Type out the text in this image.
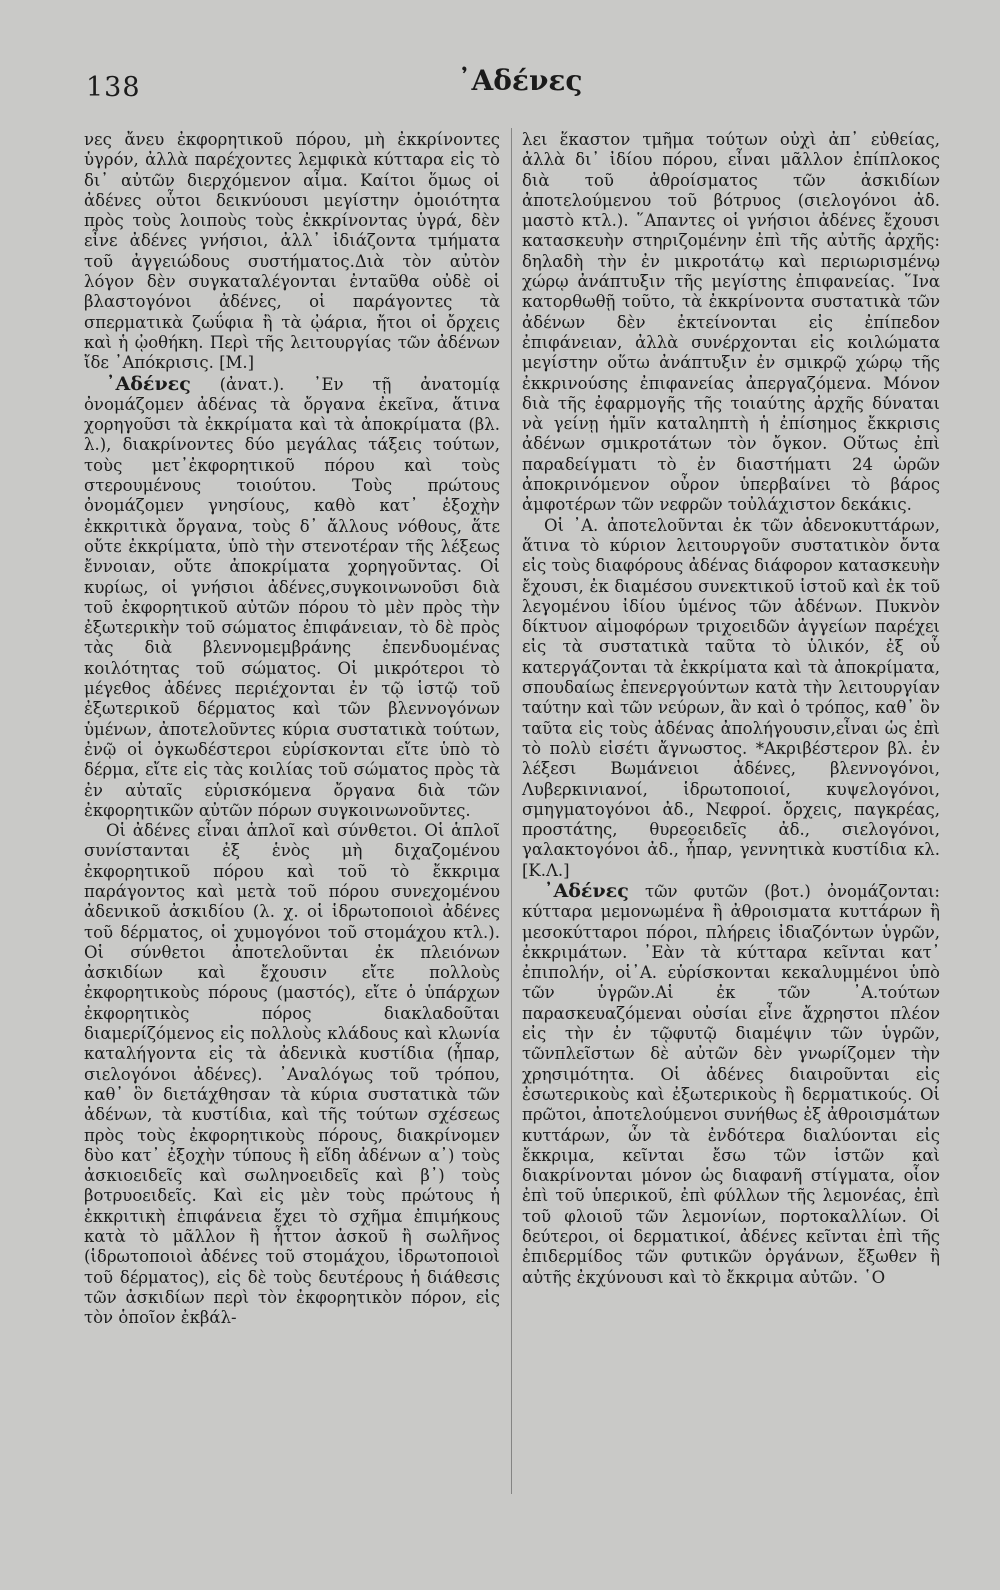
138	᾿Αδένες

νες ἄνευ ἐκφορητικοῦ πόρου, μὴ ἐκκρίνοντες ὑγρόν, ἀλλὰ παρέχοντες λεμφικὰ κύτταρα εἰς τὸ δι᾿ αὐτῶν διερχόμενον αἷμα. Καίτοι ὅμως οἱ ἀδένες οὗτοι δεικνύουσι μεγίστην ὁμοιότητα πρὸς τοὺς λοιποὺς τοὺς ἐκκρίνοντας ὑγρά, δὲν εἶνε ἀδένες γνήσιοι, ἀλλ᾿ ἰδιάζοντα τμήματα τοῦ ἀγγειώδους συστήματος.Διὰ τὸν αὐτὸν λόγον δὲν συγκαταλέγονται ἐνταῦθα οὐδὲ οἱ βλαστογόνοι ἀδένες, οἱ παράγοντες τὰ σπερματικὰ ζωΰφια ἢ τὰ ᾠάρια, ἤτοι οἱ ὄρχεις καὶ ἡ ᾠοθήκη. Περὶ τῆς λειτουργίας τῶν ἀδένων ἴδε ᾿Απόκρισις. [Μ.]

᾿Αδένες (ἀνατ.). ᾿Εν τῇ ἀνατομίᾳ ὀνομάζομεν ἀδένας τὰ ὄργανα ἐκεῖνα, ἅτινα χορηγοῦσι τὰ ἐκκρίματα καὶ τὰ ἀποκρίματα (βλ. λ.), διακρίνοντες δύο μεγάλας τάξεις τούτων, τοὺς μετ᾿ἐκφορητικοῦ πόρου καὶ τοὺς στερουμένους τοιούτου. Τοὺς πρώτους ὀνομάζομεν γνησίους, καθὸ κατ᾿ ἐξοχὴν ἐκκριτικὰ ὄργανα, τοὺς δ᾿ ἄλλους νόθους, ἅτε οὔτε ἐκκρίματα, ὑπὸ τὴν στενοτέραν τῆς λέξεως ἔννοιαν, οὔτε ἀποκρίματα χορηγοῦντας. Οἱ κυρίως, οἱ γνήσιοι ἀδένες,συγκοινωνοῦσι διὰ τοῦ ἐκφορητικοῦ αὐτῶν πόρου τὸ μὲν πρὸς τὴν ἐξωτερικὴν τοῦ σώματος ἐπιφάνειαν, τὸ δὲ πρὸς τὰς διὰ βλεννομεμβράνης ἐπενδυομένας κοιλότητας τοῦ σώματος. Οἱ μικρότεροι τὸ μέγεθος ἀδένες περιέχονται ἐν τῷ ἱστῷ τοῦ ἐξωτερικοῦ δέρματος καὶ τῶν βλεννογόνων ὑμένων, ἀποτελοῦντες κύρια συστατικὰ τούτων, ἐνῷ οἱ ὀγκωδέστεροι εὑρίσκονται εἴτε ὑπὸ τὸ δέρμα, εἴτε εἰς τὰς κοιλίας τοῦ σώματος πρὸς τὰ ἐν αὐταῖς εὑρισκόμενα ὄργανα διὰ τῶν ἐκφορητικῶν αὐτῶν πόρων συγκοινωνοῦντες.

Οἱ ἀδένες εἶναι ἁπλοῖ καὶ σύνθετοι. Οἱ ἁπλοῖ συνίστανται ἐξ ἑνὸς μὴ διχαζομένου ἐκφορητικοῦ πόρου καὶ τοῦ τὸ ἔκκριμα παράγοντος καὶ μετὰ τοῦ πόρου συνεχομένου ἀδενικοῦ ἀσκιδίου (λ. χ. οἱ ἱδρωτοποιοὶ ἀδένες τοῦ δέρματος, οἱ χυμογόνοι τοῦ στομάχου κτλ.). Οἱ σύνθετοι ἀποτελοῦνται ἐκ πλειόνων ἀσκιδίων καὶ ἔχουσιν εἴτε πολλοὺς ἐκφορητικοὺς πόρους (μαστός), εἴτε ὁ ὑπάρχων ἐκφορητικὸς πόρος διακλαδοῦται διαμερίζόμενος εἰς πολλοὺς κλάδους καὶ κλωνία καταλήγοντα εἰς τὰ ἀδενικὰ κυστίδια (ἧπαρ, σιελογόνοι ἀδένες). ᾿Αναλόγως τοῦ τρόπου, καθ᾿ ὃν διετάχθησαν τὰ κύρια συστατικὰ τῶν ἀδένων, τὰ κυστίδια, καὶ τῆς τούτων σχέσεως πρὸς τοὺς ἐκφορητικοὺς πόρους, διακρίνομεν δὺο κατ᾿ ἐξοχὴν τύπους ἢ εἴδη ἀδένων α᾿) τοὺς ἀσκιοειδεῖς καὶ σωληνοειδεῖς καὶ β᾿) τοὺς βοτρυοειδεῖς. Καὶ εἰς μὲν τοὺς πρώτους ἡ ἐκκριτικὴ ἐπιφάνεια ἔχει τὸ σχῆμα ἐπιμήκους κατὰ τὸ μᾶλλον ἢ ἧττον ἀσκοῦ ἢ σωλῆνος (ἱδρωτοποιοὶ ἀδένες τοῦ στομάχου, ἱδρωτοποιοὶ τοῦ δέρματος), εἰς δὲ τοὺς δευτέρους ἡ διάθεσις τῶν ἀσκιδίων περὶ τὸν ἐκφορητικὸν πόρον, εἰς τὸν ὁποῖον ἐκβάλ-

λει ἕκαστον τμῆμα τούτων οὐχὶ ἀπ᾿ εὐθείας, ἀλλὰ δι᾿ ἰδίου πόρου, εἶναι μᾶλλον ἐπίπλοκος διὰ τοῦ ἀθροίσματος τῶν ἀσκιδίων ἀποτελούμενου τοῦ βότρυος (σιελογόνοι ἀδ. μαστὸ κτλ.). ῞Απαντες οἱ γνήσιοι ἀδένες ἔχουσι κατασκευὴν στηριζομένην ἐπὶ τῆς αὐτῆς ἀρχῆς: δηλαδὴ τὴν ἐν μικροτάτῳ καὶ περιωρισμένῳ χώρῳ ἀνάπτυξιν τῆς μεγίστης ἐπιφανείας. ῞Ινα κατορθωθῇ τοῦτο, τὰ ἐκκρίνοντα συστατικὰ τῶν ἀδένων δὲν ἐκτείνονται εἰς ἐπίπεδον ἐπιφάνειαν, ἀλλὰ συνέρχονται εἰς κοιλώματα μεγίστην οὕτω ἀνάπτυξιν ἐν σμικρῷ χώρῳ τῆς ἐκκρινούσης ἐπιφανείας ἀπεργαζόμενα. Μόνον διὰ τῆς ἐφαρμογῆς τῆς τοιαύτης ἀρχῆς δύναται νὰ γείνῃ ἡμῖν καταληπτὴ ἡ ἐπίσημος ἔκκρισις ἀδένων σμικροτάτων τὸν ὄγκον. Οὕτως ἐπὶ παραδείγματι τὸ ἐν διαστήματι 24 ὡρῶν ἀποκρινόμενον οὖρον ὑπερβαίνει τὸ βάρος ἀμφοτέρων τῶν νεφρῶν τοὐλάχιστον δεκάκις.

Οἱ ᾿Α. ἀποτελοῦνται ἐκ τῶν ἀδενοκυττάρων, ἅτινα τὸ κύριον λειτουργοῦν συστατικὸν ὄντα εἰς τοὺς διαφόρους ἀδένας διάφορον κατασκευὴν ἔχουσι, ἐκ διαμέσου συνεκτικοῦ ἱστοῦ καὶ ἐκ τοῦ λεγομένου ἰδίου ὑμένος τῶν ἀδένων. Πυκνὸν δίκτυον αἱμοφόρων τριχοειδῶν ἀγγείων παρέχει εἰς τὰ συστατικὰ ταῦτα τὸ ὑλικόν, ἐξ οὗ κατεργάζονται τὰ ἐκκρίματα καὶ τὰ ἀποκρίματα, σπουδαίως ἐπενεργούντων κατὰ τὴν λειτουργίαν ταύτην καὶ τῶν νεύρων, ἂν καὶ ὁ τρόπος, καθ᾿ ὃν ταῦτα εἰς τοὺς ἀδένας ἀπολήγουσιν,εἶναι ὡς ἐπὶ τὸ πολὺ εἰσέτι ἄγνωστος. *Ακριβέστερον βλ. ἐν λέξεσι Βωμάνειοι ἀδένες, βλεννογόνοι, Λυβερκινιανοί, ἱδρωτοποιοί, κυψελογόνοι, σμηγματογόνοι ἀδ., Νεφροί. ὄρχεις, παγκρέας, προστάτης, θυρεοειδεῖς ἀδ., σιελογόνοι, γαλακτογόνοι ἀδ., ἧπαρ, γεννητικὰ κυστίδια κλ. [Κ.Λ.]

᾿Αδένες τῶν φυτῶν (βοτ.) ὀνομάζονται: κύτταρα μεμονωμένα ἢ ἀθροισματα κυττάρων ἢ μεσοκύτταροι πόροι, πλήρεις ἰδιαζόντων ὑγρῶν, ἐκκριμάτων. ᾿Εὰν τὰ κύτταρα κεῖνται κατ᾿ ἐπιπολήν, οἱ᾿Α. εὑρίσκονται κεκαλυμμένοι ὑπὸ τῶν ὑγρῶν.Αἱ ἐκ τῶν ᾿Α.τούτων παρασκευαζόμεναι οὐσίαι εἶνε ἄχρηστοι πλέον εἰς τὴν ἐν τῷφυτῷ διαμέψιν τῶν ὑγρῶν, τῶνπλεῖστων δὲ αὐτῶν δὲν γνωρίζομεν τὴν χρησιμότητα. Οἱ ἀδένες διαιροῦνται εἰς ἐσωτερικοὺς καὶ ἐξωτερικοὺς ἢ δερματικούς. Οἱ πρῶτοι, ἀποτελούμενοι συνήθως ἐξ ἀθροισμάτων κυττάρων, ὧν τὰ ἐνδότερα διαλύονται εἰς ἔκκριμα, κεῖνται ἔσω τῶν ἱστῶν καὶ διακρίνονται μόνον ὡς διαφανῆ στίγματα, οἷον ἐπὶ τοῦ ὑπερικοῦ, ἐπὶ φύλλων τῆς λεμονέας, ἐπὶ τοῦ φλοιοῦ τῶν λεμονίων, πορτοκαλλίων. Οἱ δεύτεροι, οἱ δερματικοί, ἀδένες κεῖνται ἐπὶ τῆς ἐπιδερμίδος τῶν φυτικῶν ὀργάνων, ἔξωθεν ἢ αὐτῆς ἐκχύνουσι καὶ τὸ ἔκκριμα αὐτῶν. ῾Ο
